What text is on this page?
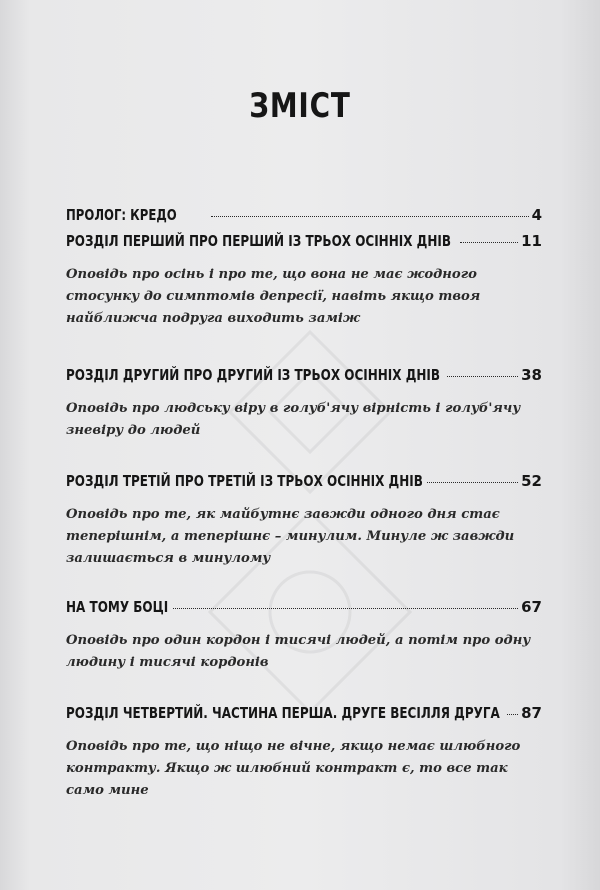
ЗМІСТ
ПРОЛОГ: КРЕДО	4
РОЗДІЛ ПЕРШИЙ ПРО ПЕРШИЙ ІЗ ТРЬОХ ОСІННІХ ДНІВ	11
Оповідь про осінь і про те, що вона не має жодного стосунку до симптомів депресії, навіть якщо твоя найближча подруга виходить заміж
РОЗДІЛ ДРУГИЙ ПРО ДРУГИЙ ІЗ ТРЬОХ ОСІННІХ ДНІВ	38
Оповідь про людську віру в голуб'ячу вірність і голуб'ячу зневіру до людей
РОЗДІЛ ТРЕТІЙ ПРО ТРЕТІЙ ІЗ ТРЬОХ ОСІННІХ ДНІВ	52
Оповідь про те, як майбутнє завжди одного дня стає теперішнім, а теперішнє – минулим. Минуле ж завжди залишається в минулому
НА ТОМУ БОЦІ	67
Оповідь про один кордон і тисячі людей, а потім про одну людину і тисячі кордонів
РОЗДІЛ ЧЕТВЕРТИЙ. ЧАСТИНА ПЕРША. ДРУГЕ ВЕСІЛЛЯ ДРУГА 87
Оповідь про те, що ніщо не вічне, якщо немає шлюбного контракту. Якщо ж шлюбний контракт є, то все так само мине
